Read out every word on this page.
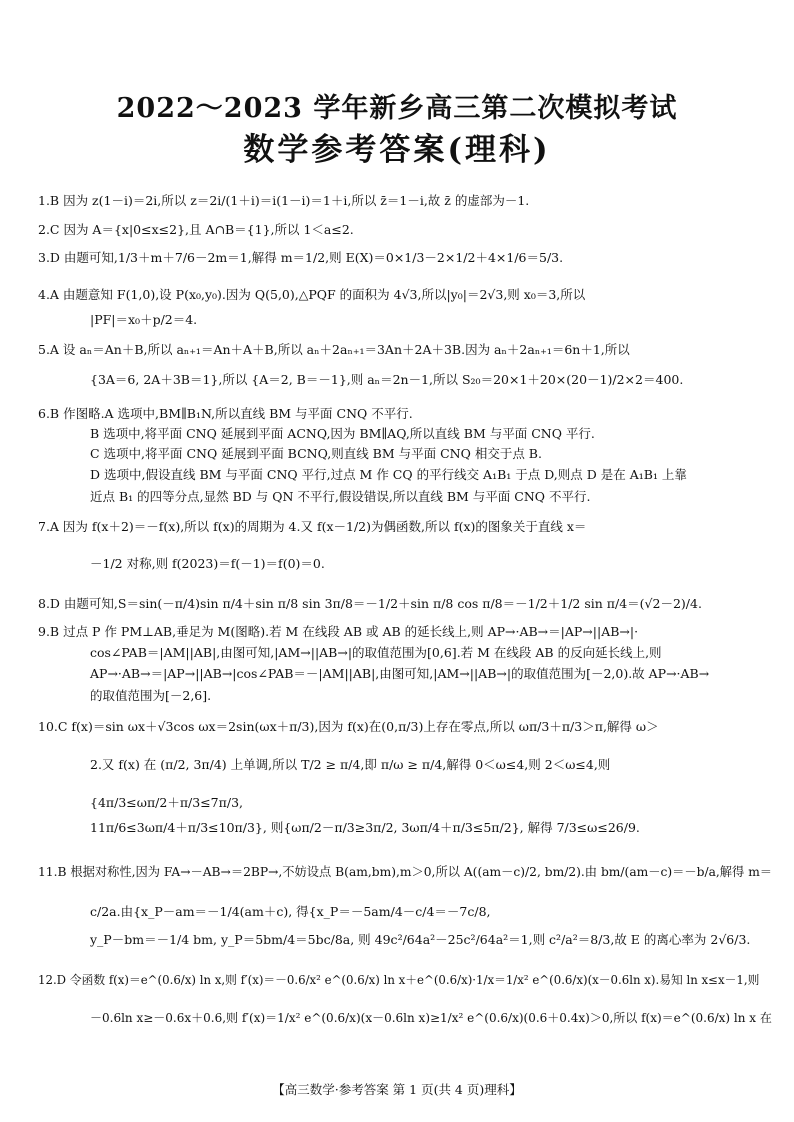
2022～2023 学年新乡高三第二次模拟考试
数学参考答案(理科)
1.B 因为 z(1－i)＝2i,所以 z＝2i/(1＋i)＝i(1－i)＝1＋i,所以 z̄＝1－i,故 z̄ 的虚部为－1.
2.C 因为 A＝{x|0≤x≤2},且 A∩B＝{1},所以 1＜a≤2.
3.D 由题可知,1/3＋m＋7/6－2m＝1,解得 m＝1/2,则 E(X)＝0×1/3－2×1/2＋4×1/6＝5/3.
4.A 由题意知 F(1,0),设 P(x₀,y₀).因为 Q(5,0),△PQF 的面积为 4√3,所以|y₀|＝2√3,则 x₀＝3,所以
|PF|＝x₀＋p/2＝4.
5.A 设 aₙ＝An＋B,所以 aₙ₊₁＝An＋A＋B,所以 aₙ＋2aₙ₊₁＝3An＋2A＋3B.因为 aₙ＋2aₙ₊₁＝6n＋1,所以
{3A＝6, 2A＋3B＝1},所以 {A＝2, B＝－1},则 aₙ＝2n－1,所以 S₂₀＝20×1＋20×(20－1)/2×2＝400.
6.B 作图略.A 选项中,BM∥B₁N,所以直线 BM 与平面 CNQ 不平行.
B 选项中,将平面 CNQ 延展到平面 ACNQ,因为 BM∥AQ,所以直线 BM 与平面 CNQ 平行.
C 选项中,将平面 CNQ 延展到平面 BCNQ,则直线 BM 与平面 CNQ 相交于点 B.
D 选项中,假设直线 BM 与平面 CNQ 平行,过点 M 作 CQ 的平行线交 A₁B₁ 于点 D,则点 D 是在 A₁B₁ 上靠
近点 B₁ 的四等分点,显然 BD 与 QN 不平行,假设错误,所以直线 BM 与平面 CNQ 不平行.
7.A 因为 f(x＋2)＝－f(x),所以 f(x)的周期为 4.又 f(x－1/2)为偶函数,所以 f(x)的图象关于直线 x＝
－1/2 对称,则 f(2023)＝f(－1)＝f(0)＝0.
8.D 由题可知,S＝sin(－π/4)sin π/4＋sin π/8 sin 3π/8＝－1/2＋sin π/8 cos π/8＝－1/2＋1/2 sin π/4＝(√2－2)/4.
9.B 过点 P 作 PM⊥AB,垂足为 M(图略).若 M 在线段 AB 或 AB 的延长线上,则 AP→·AB→＝|AP→||AB→|·
cos∠PAB＝|AM||AB|,由图可知,|AM→||AB→|的取值范围为[0,6].若 M 在线段 AB 的反向延长线上,则
AP→·AB→＝|AP→||AB→|cos∠PAB＝－|AM||AB|,由图可知,|AM→||AB→|的取值范围为[－2,0).故 AP→·AB→
的取值范围为[－2,6].
10.C f(x)＝sin ωx＋√3cos ωx＝2sin(ωx＋π/3),因为 f(x)在(0,π/3)上存在零点,所以 ωπ/3＋π/3＞π,解得 ω＞
2.又 f(x) 在 (π/2, 3π/4) 上单调,所以 T/2 ≥ π/4,即 π/ω ≥ π/4,解得 0＜ω≤4,则 2＜ω≤4,则
{4π/3≤ωπ/2＋π/3≤7π/3,
11π/6≤3ωπ/4＋π/3≤10π/3}, 则{ωπ/2－π/3≥3π/2, 3ωπ/4＋π/3≤5π/2}, 解得 7/3≤ω≤26/9.
11.B 根据对称性,因为 FA→－AB→＝2BP→,不妨设点 B(am,bm),m＞0,所以 A((am－c)/2, bm/2).由 bm/(am－c)＝－b/a,解得 m＝
c/2a.由{x_P－am＝－1/4(am＋c), 得{x_P＝－5am/4－c/4＝－7c/8,
y_P－bm＝－1/4 bm, y_P＝5bm/4＝5bc/8a, 则 49c²/64a²－25c²/64a²＝1,则 c²/a²＝8/3,故 E 的离心率为 2√6/3.
12.D 令函数 f(x)＝e^(0.6/x) ln x,则 f′(x)＝－0.6/x² e^(0.6/x) ln x＋e^(0.6/x)·1/x＝1/x² e^(0.6/x)(x－0.6ln x).易知 ln x≤x－1,则
－0.6ln x≥－0.6x＋0.6,则 f′(x)＝1/x² e^(0.6/x)(x－0.6ln x)≥1/x² e^(0.6/x)(0.6＋0.4x)＞0,所以 f(x)＝e^(0.6/x) ln x 在
【高三数学·参考答案 第 1 页(共 4 页)理科】
